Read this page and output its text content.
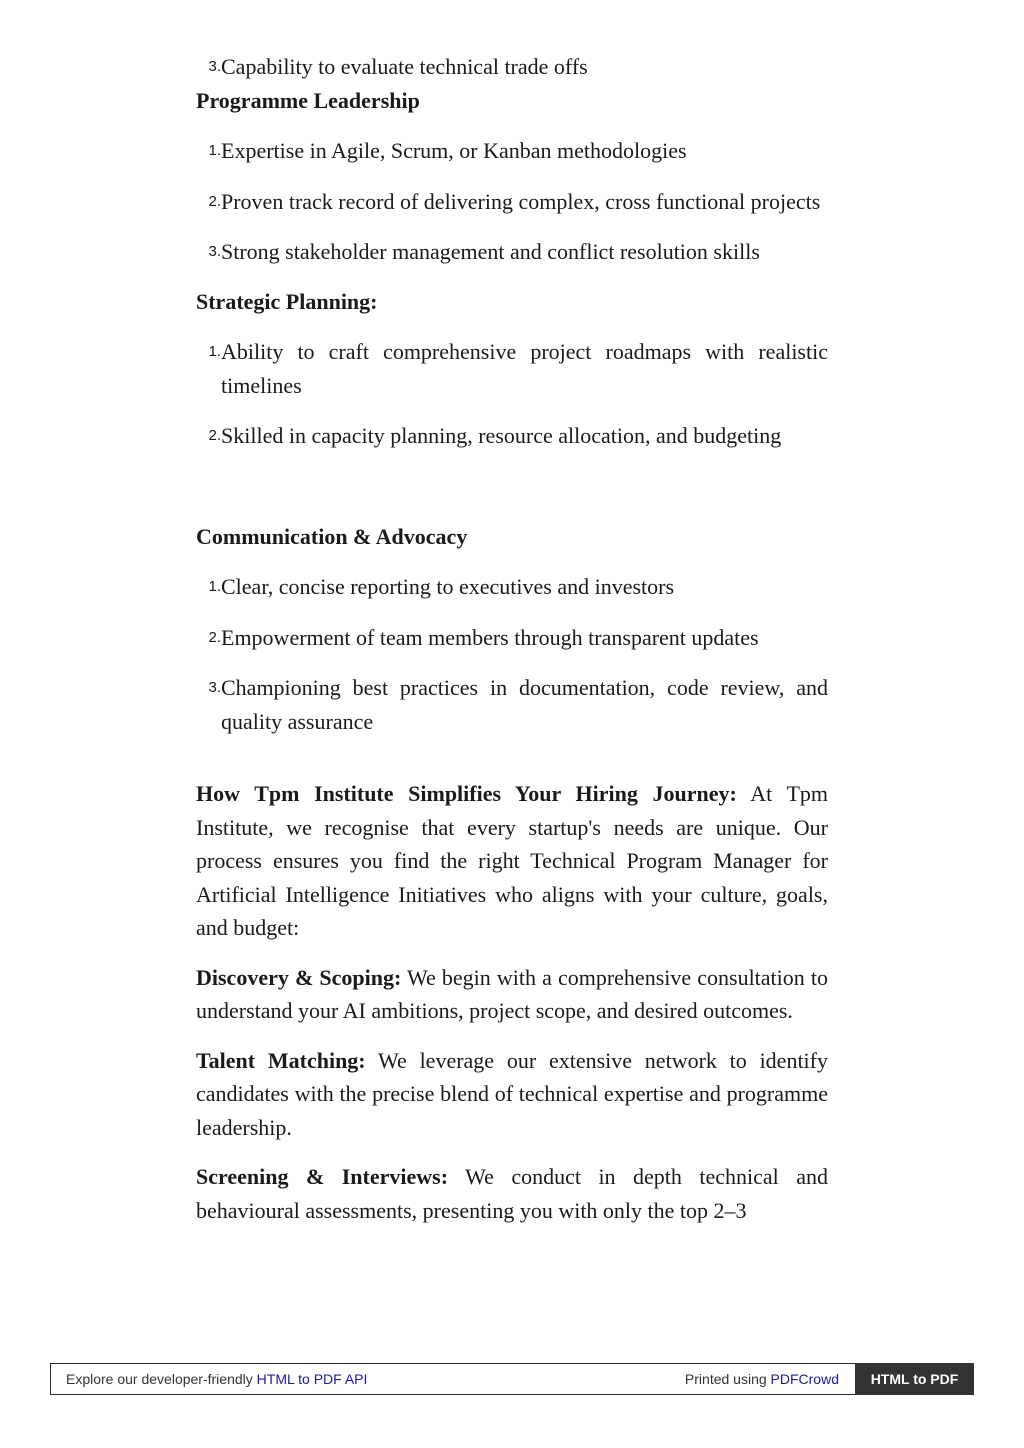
3. Capability to evaluate technical trade offs
Programme Leadership
1. Expertise in Agile, Scrum, or Kanban methodologies
2. Proven track record of delivering complex, cross functional projects
3. Strong stakeholder management and conflict resolution skills
Strategic Planning:
1. Ability to craft comprehensive project roadmaps with realistic timelines
2. Skilled in capacity planning, resource allocation, and budgeting
Communication & Advocacy
1. Clear, concise reporting to executives and investors
2. Empowerment of team members through transparent updates
3. Championing best practices in documentation, code review, and quality assurance

How Tpm Institute Simplifies Your Hiring Journey: At Tpm Institute, we recognise that every startup's needs are unique. Our process ensures you find the right Technical Program Manager for Artificial Intelligence Initiatives who aligns with your culture, goals, and budget:

Discovery & Scoping: We begin with a comprehensive consultation to understand your AI ambitions, project scope, and desired outcomes.

Talent Matching: We leverage our extensive network to identify candidates with the precise blend of technical expertise and programme leadership.

Screening & Interviews: We conduct in depth technical and behavioural assessments, presenting you with only the top 2–3

Explore our developer-friendly HTML to PDF API	Printed using PDFCrowd	HTML to PDF
